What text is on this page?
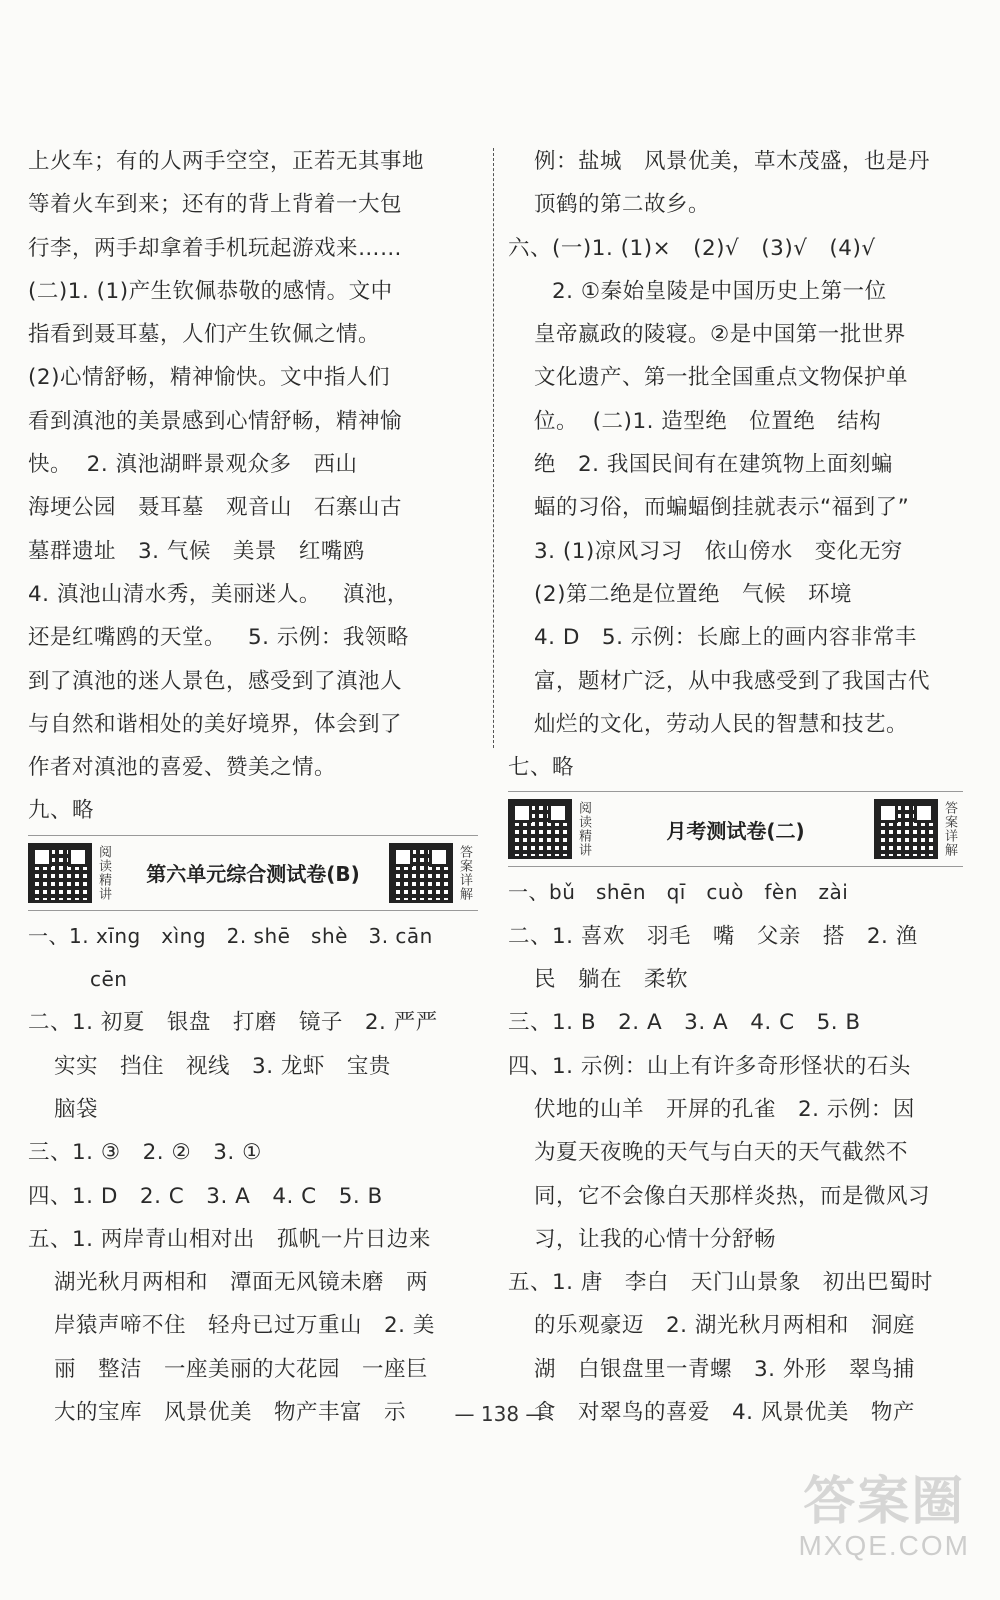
上火车；有的人两手空空，正若无其事地
等着火车到来；还有的背上背着一大包
行李，两手却拿着手机玩起游戏来……
(二)1. (1)产生钦佩恭敬的感情。文中
指看到聂耳墓，人们产生钦佩之情。
(2)心情舒畅，精神愉快。文中指人们
看到滇池的美景感到心情舒畅，精神愉
快。  2. 滇池湖畔景观众多   西山
海埂公园   聂耳墓   观音山   石寨山古
墓群遗址   3. 气候   美景   红嘴鸥
4. 滇池山清水秀，美丽迷人。   滇池，
还是红嘴鸥的天堂。   5. 示例：我领略
到了滇池的迷人景色，感受到了滇池人
与自然和谐相处的美好境界，体会到了
作者对滇池的喜爱、赞美之情。
九、略
阅读精讲	第六单元综合测试卷(B)	答案详解
一、1. xīng   xìng   2. shē   shè   3. cān
cēn
二、1. 初夏   银盘   打磨   镜子   2. 严严
实实   挡住   视线   3. 龙虾   宝贵
脑袋
三、1. ③   2. ②   3. ①
四、1. D   2. C   3. A   4. C   5. B
五、1. 两岸青山相对出   孤帆一片日边来
湖光秋月两相和   潭面无风镜未磨   两
岸猿声啼不住   轻舟已过万重山   2. 美
丽   整洁   一座美丽的大花园   一座巨
大的宝库   风景优美   物产丰富   示
例：盐城   风景优美，草木茂盛，也是丹
顶鹤的第二故乡。
六、(一)1. (1)×   (2)√   (3)√   (4)√
2. ①秦始皇陵是中国历史上第一位
皇帝嬴政的陵寝。②是中国第一批世界
文化遗产、第一批全国重点文物保护单
位。  (二)1. 造型绝   位置绝   结构
绝   2. 我国民间有在建筑物上面刻蝙
蝠的习俗，而蝙蝠倒挂就表示“福到了”
3. (1)凉风习习   依山傍水   变化无穷
(2)第二绝是位置绝   气候   环境
4. D   5. 示例：长廊上的画内容非常丰
富，题材广泛，从中我感受到了我国古代
灿烂的文化，劳动人民的智慧和技艺。
七、略
阅读精讲	月考测试卷(二)	答案详解
一、bǔ   shēn   qī   cuò   fèn   zài
二、1. 喜欢   羽毛   嘴   父亲   搭   2. 渔
民   躺在   柔软
三、1. B   2. A   3. A   4. C   5. B
四、1. 示例：山上有许多奇形怪状的石头
伏地的山羊   开屏的孔雀   2. 示例：因
为夏天夜晚的天气与白天的天气截然不
同，它不会像白天那样炎热，而是微风习
习，让我的心情十分舒畅
五、1. 唐   李白   天门山景象   初出巴蜀时
的乐观豪迈   2. 湖光秋月两相和   洞庭
湖   白银盘里一青螺   3. 外形   翠鸟捕
食   对翠鸟的喜爱   4. 风景优美   物产
— 138 —
答案圈
MXQE.COM
